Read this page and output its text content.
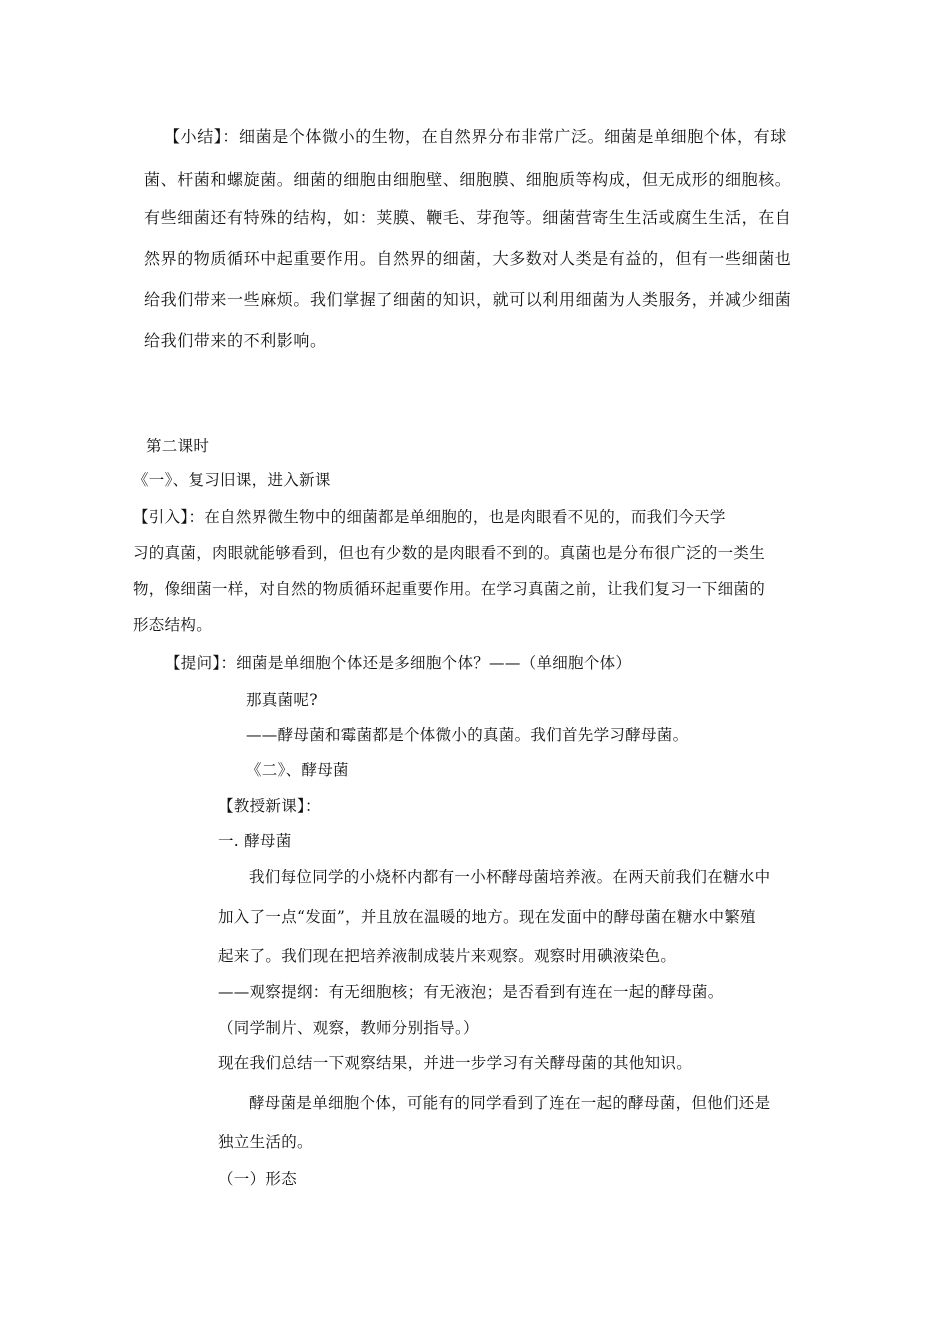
【小结】：细菌是个体微小的生物，在自然界分布非常广泛。细菌是单细胞个体，有球
菌、杆菌和螺旋菌。细菌的细胞由细胞壁、细胞膜、细胞质等构成，但无成形的细胞核。
有些细菌还有特殊的结构，如：荚膜、鞭毛、芽孢等。细菌营寄生生活或腐生生活，在自
然界的物质循环中起重要作用。自然界的细菌，大多数对人类是有益的，但有一些细菌也
给我们带来一些麻烦。我们掌握了细菌的知识，就可以利用细菌为人类服务，并减少细菌
给我们带来的不利影响。
第二课时
《一》、复习旧课，进入新课
【引入】：在自然界微生物中的细菌都是单细胞的，也是肉眼看不见的，而我们今天学
习的真菌，肉眼就能够看到，但也有少数的是肉眼看不到的。真菌也是分布很广泛的一类生
物，像细菌一样，对自然的物质循环起重要作用。在学习真菌之前，让我们复习一下细菌的
形态结构。
【提问】：细菌是单细胞个体还是多细胞个体？——（单细胞个体）
那真菌呢?
——酵母菌和霉菌都是个体微小的真菌。我们首先学习酵母菌。
《二》、酵母菌
【教授新课】：
一. 酵母菌
我们每位同学的小烧杯内都有一小杯酵母菌培养液。在两天前我们在糖水中
加入了一点“发面”，并且放在温暖的地方。现在发面中的酵母菌在糖水中繁殖
起来了。我们现在把培养液制成装片来观察。观察时用碘液染色。
——观察提纲：有无细胞核；有无液泡；是否看到有连在一起的酵母菌。
（同学制片、观察，教师分别指导。）
现在我们总结一下观察结果，并进一步学习有关酵母菌的其他知识。
酵母菌是单细胞个体，可能有的同学看到了连在一起的酵母菌，但他们还是
独立生活的。
（一）形态
